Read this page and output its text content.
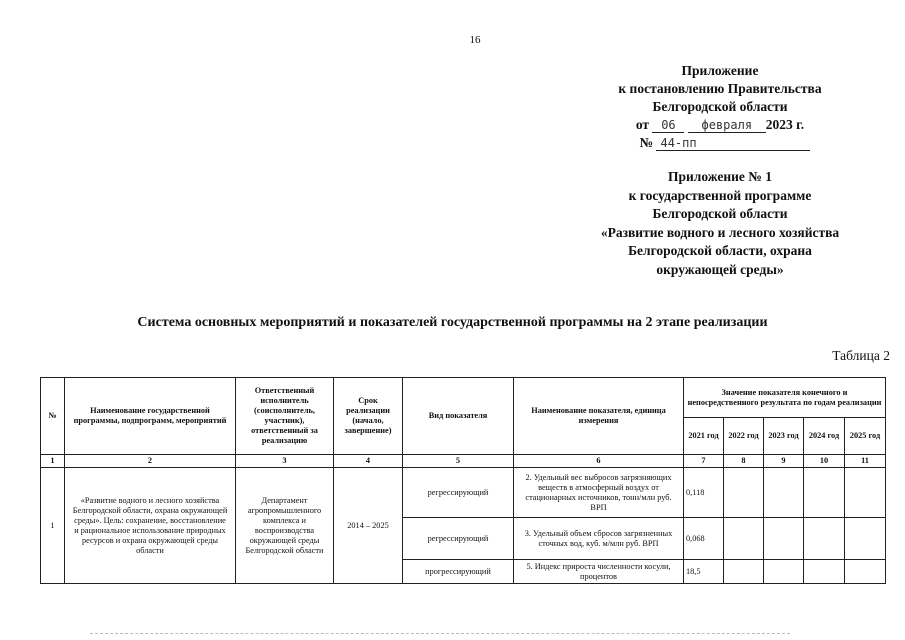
16
Приложение
к постановлению Правительства
Белгородской области
от 06 февраля 2023 г.
№ 44-пп
Приложение № 1
к государственной программе
Белгородской области
«Развитие водного и лесного хозяйства
Белгородской области, охрана
окружающей среды»
Система основных мероприятий и показателей государственной программы на 2 этапе реализации
Таблица 2
№	Наименование государственной программы, подпрограмм, мероприятий	Ответственный исполнитель (соисполнитель, участник), ответственный за реализацию	Срок реализации (начало, завершение)	Вид показателя	Наименование показателя, единица измерения	Значение показателя конечного и непосредственного результата по годам реализации				
						2021 год	2022 год	2023 год	2024 год	2025 год
1	2	3	4	5	6	7	8	9	10	11
1	«Развитие водного и лесного хозяйства Белгородской области, охрана окружающей среды». Цель: сохранение, восстановление и рациональное использование природных ресурсов и охрана окружающей среды области	Департамент агропромышленного комплекса и воспроизводства окружающей среды Белгородской области	2014 – 2025	регрессирующий	2. Удельный вес выбросов загрязняющих веществ в атмосферный воздух от стационарных источников, тонн/млн руб. ВРП	0,118				
				регрессирующий	3. Удельный объем сбросов загрязненных сточных вод, куб. м/млн руб. ВРП	0,068				
				прогрессирующий	5. Индекс прироста численности косули, процентов	18,5				
